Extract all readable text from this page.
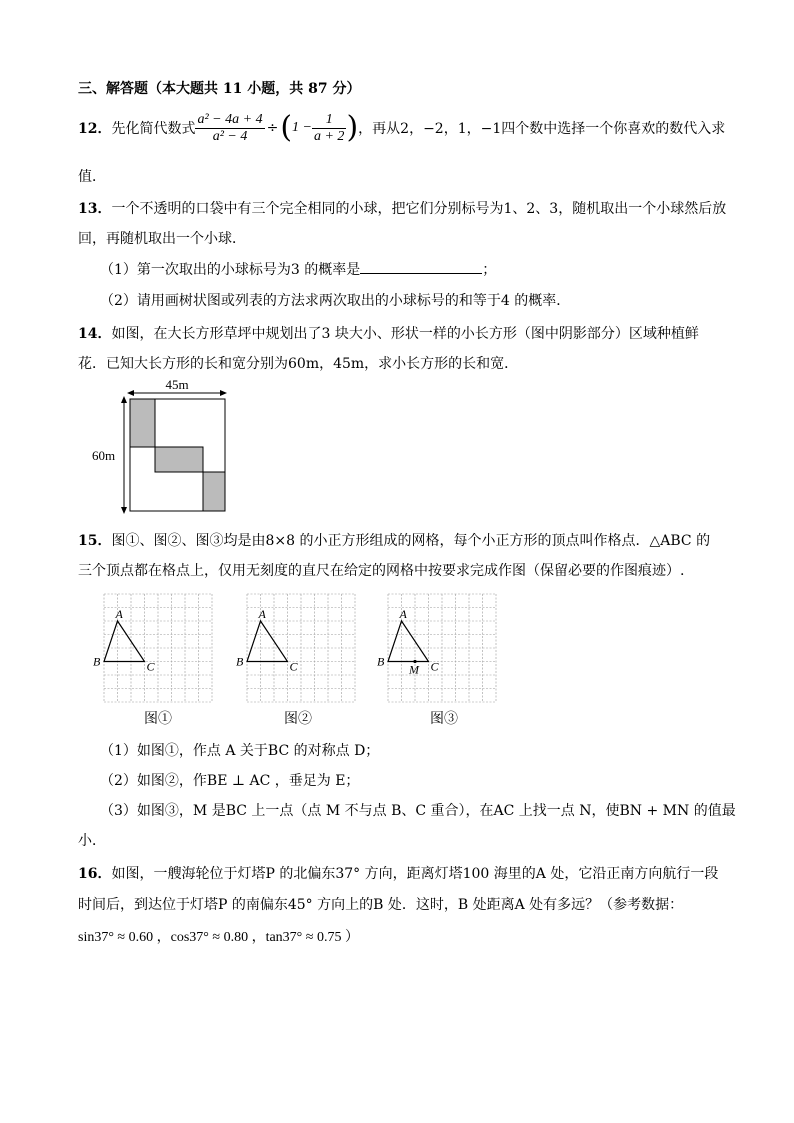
三、解答题（本大题共 11 小题，共 87 分）
12． 先化简代数式 $\frac{\text{a² − 4a + 4}}{\text{a² − 4}}$ ÷ ( $1 - \frac{1}{a + 2}$ ) ，再从2，−2，1，−1四个数中选择一个你喜欢的数代入求
值．
13．一个不透明的口袋中有三个完全相同的小球，把它们分别标号为1、2、3，随机取出一个小球然后放
回，再随机取出一个小球．
（1）第一次取出的小球标号为3 的概率是	；
（2）请用画树状图或列表的方法求两次取出的小球标号的和等于4 的概率．
14．如图，在大长方形草坪中规划出了3 块大小、形状一样的小长方形（图中阴影部分）区域种植鲜
花．已知大长方形的长和宽分别为60m，45m，求小长方形的长和宽．
45m
60m
15．图①、图②、图③均是由8×8 的小正方形组成的网格，每个小正方形的顶点叫作格点．△ABC 的
三个顶点都在格点上，仅用无刻度的直尺在给定的网格中按要求完成作图（保留必要的作图痕迹）.
A
B	C
A
B	C
A
B	C
M
图①	图②	图③
（1）如图①，作点 A 关于BC 的对称点 D；
（2）如图②，作BE ⊥ AC ，垂足为 E；
（3）如图③，M 是BC 上一点（点 M 不与点 B、C 重合），在AC 上找一点 N，使BN + MN 的值最
小．
16．如图，一艘海轮位于灯塔P 的北偏东37° 方向，距离灯塔100 海里的A 处，它沿正南方向航行一段
时间后，到达位于灯塔P 的南偏东45° 方向上的B 处．这时，B 处距离A 处有多远？（参考数据：
sin37° ≈ 0.60 ，cos37° ≈ 0.80 ，tan37° ≈ 0.75 ）
